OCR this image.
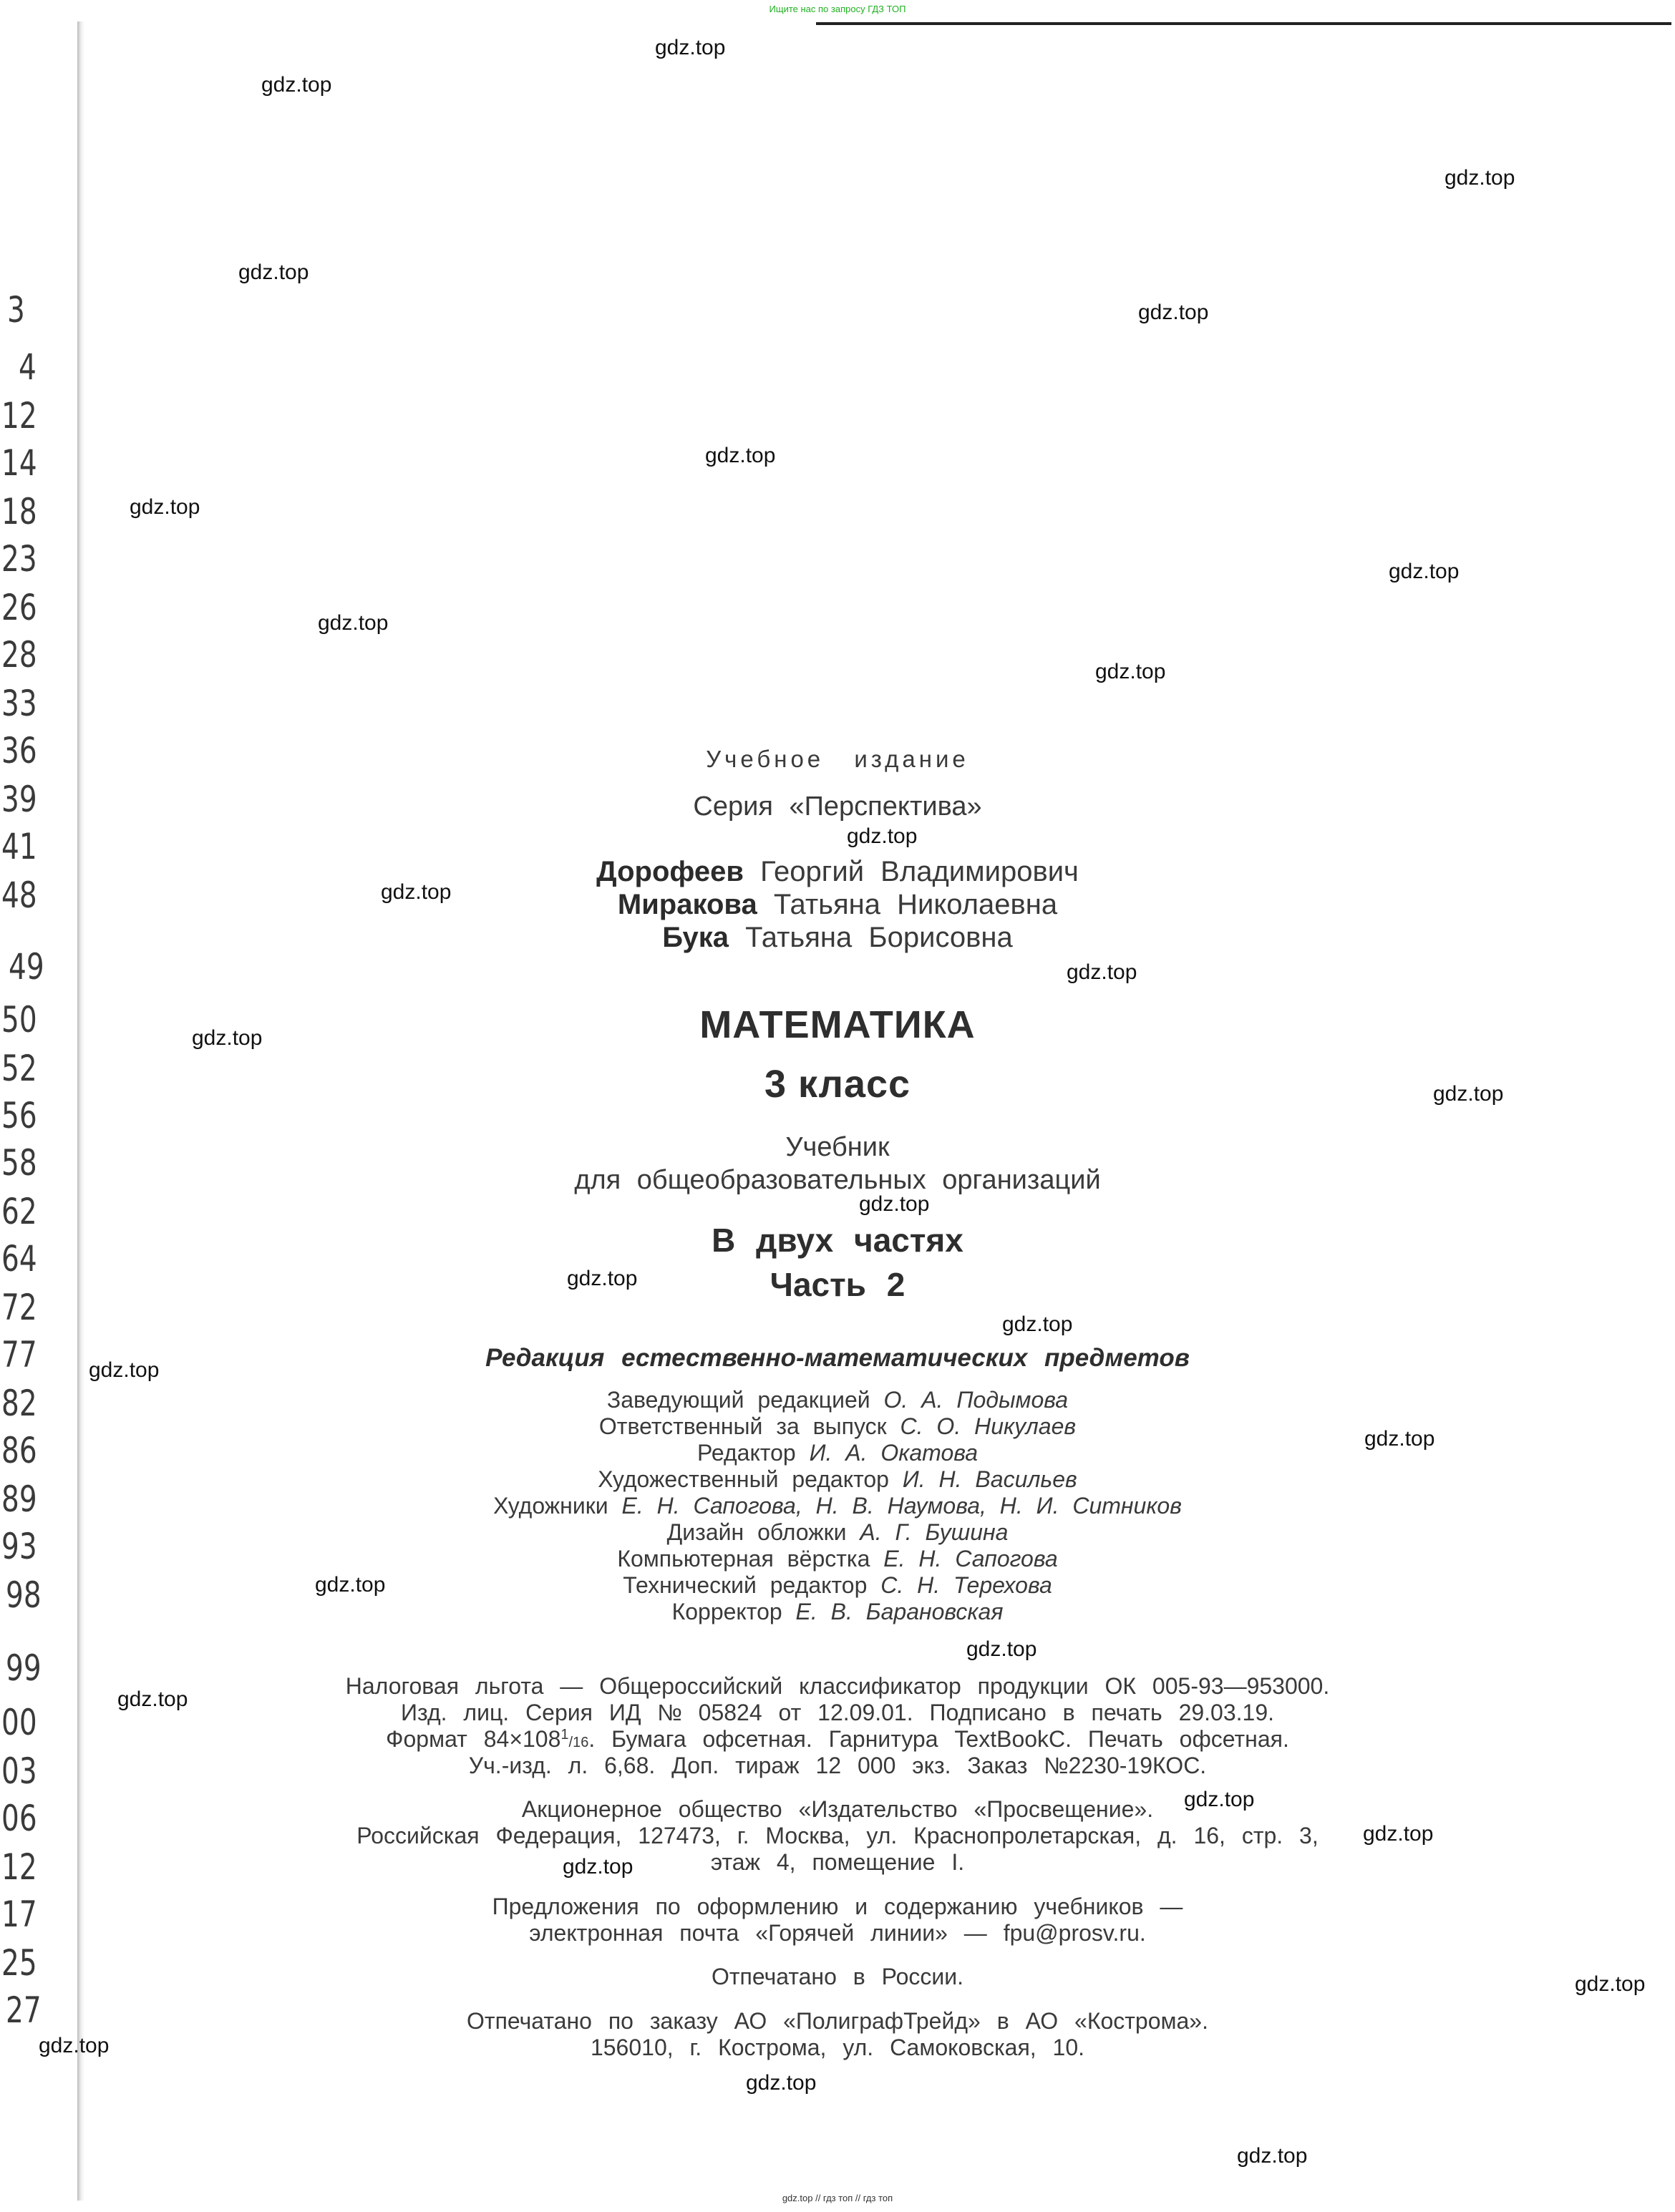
Ищите нас по запросу ГДЗ ТОП
3
4
12
14
18
23
26
28
33
36
39
41
48
49
50
52
56
58
62
64
72
77
82
86
89
93
98
99
00
03
06
12
17
25
27
Учебное издание
Серия «Перспектива»
Дорофеев Георгий Владимирович
Миракова Татьяна Николаевна
Бука Татьяна Борисовна
МАТЕМАТИКА
3 класс
Учебник
для общеобразовательных организаций
В двух частях
Часть 2
Редакция естественно-математических предметов
Заведующий редакцией О. А. Подымова
Ответственный за выпуск С. О. Никулаев
Редактор И. А. Окатова
Художественный редактор И. Н. Васильев
Художники Е. Н. Сапогова, Н. В. Наумова, Н. И. Ситников
Дизайн обложки А. Г. Бушина
Компьютерная вёрстка Е. Н. Сапогова
Технический редактор С. Н. Терехова
Корректор Е. В. Барановская
Налоговая льгота — Общероссийский классификатор продукции ОК 005-93—953000.
Изд. лиц. Серия ИД № 05824 от 12.09.01. Подписано в печать 29.03.19.
Формат $84\times 108^1/16$. Бумага офсетная. Гарнитура TextBookC. Печать офсетная.
Уч.-изд. л. 6,68. Доп. тираж 12 000 экз. Заказ №2230-19КОС.
Акционерное общество «Издательство «Просвещение».
Российская Федерация, 127473, г. Москва, ул. Краснопролетарская, д. 16, стр. 3,
этаж 4, помещение I.
Предложения по оформлению и содержанию учебников —
электронная почта «Горячей линии» — fpu@prosv.ru.
Отпечатано в России.
Отпечатано по заказу АО «ПолиграфТрейд» в АО «Кострома».
156010, г. Кострома, ул. Самоковская, 10.
gdz.top
gdz.top
gdz.top
gdz.top
gdz.top
gdz.top
gdz.top
gdz.top
gdz.top
gdz.top
gdz.top
gdz.top
gdz.top
gdz.top
gdz.top
gdz.top
gdz.top
gdz.top
gdz.top
gdz.top
gdz.top
gdz.top
gdz.top
gdz.top
gdz.top
gdz.top
gdz.top
gdz.top
gdz.top
gdz.top
gdz.top // гдз топ // гдз топ
